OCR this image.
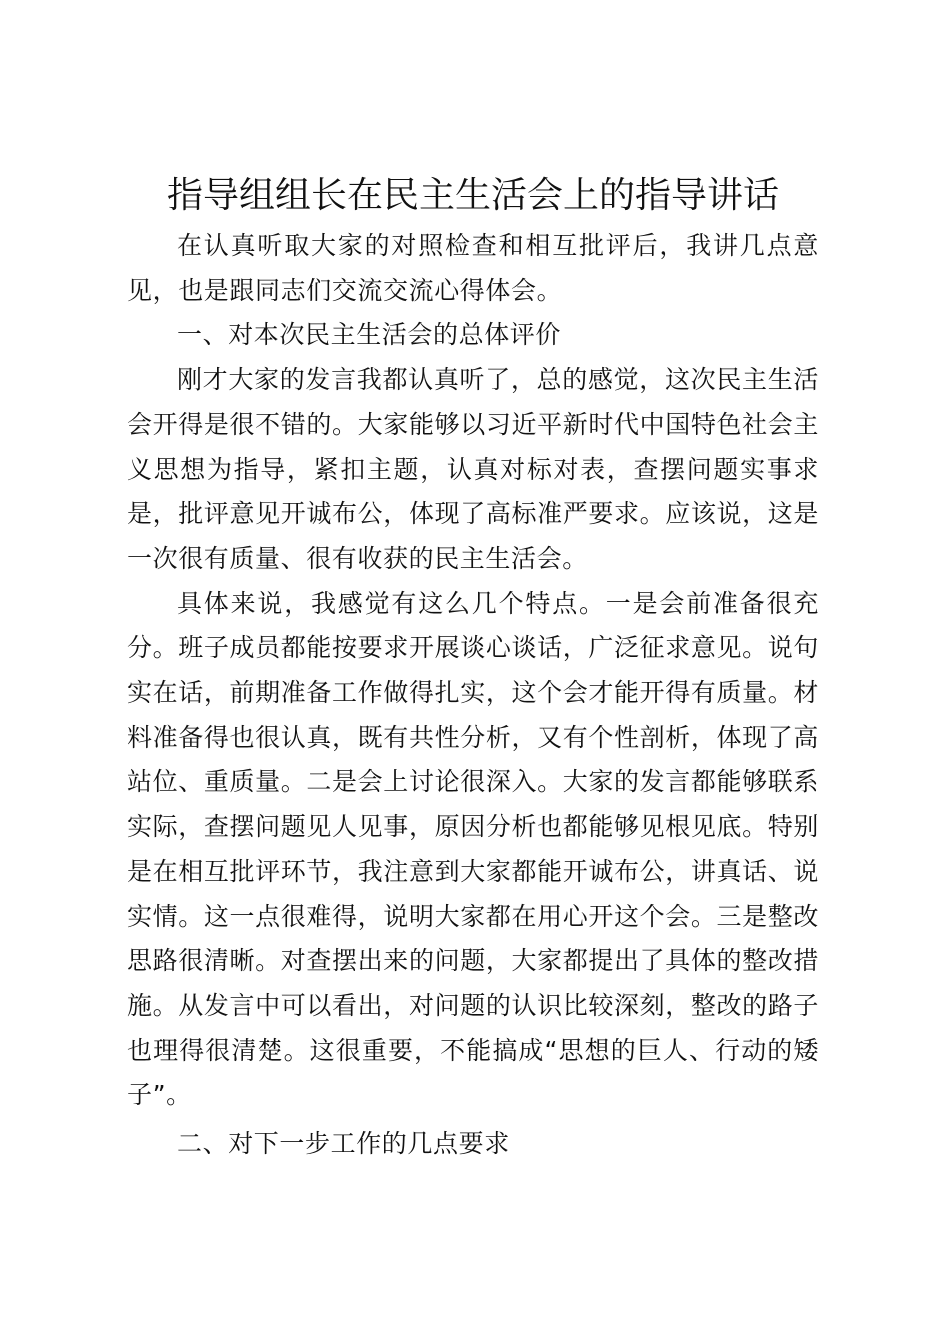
指导组组长在民主生活会上的指导讲话

在认真听取大家的对照检查和相互批评后，我讲几点意见，也是跟同志们交流交流心得体会。

一、对本次民主生活会的总体评价

刚才大家的发言我都认真听了，总的感觉，这次民主生活会开得是很不错的。大家能够以习近平新时代中国特色社会主义思想为指导，紧扣主题，认真对标对表，查摆问题实事求是，批评意见开诚布公，体现了高标准严要求。应该说，这是一次很有质量、很有收获的民主生活会。

具体来说，我感觉有这么几个特点。一是会前准备很充分。班子成员都能按要求开展谈心谈话，广泛征求意见。说句实在话，前期准备工作做得扎实，这个会才能开得有质量。材料准备得也很认真，既有共性分析，又有个性剖析，体现了高站位、重质量。二是会上讨论很深入。大家的发言都能够联系实际，查摆问题见人见事，原因分析也都能够见根见底。特别是在相互批评环节，我注意到大家都能开诚布公，讲真话、说实情。这一点很难得，说明大家都在用心开这个会。三是整改思路很清晰。对查摆出来的问题，大家都提出了具体的整改措施。从发言中可以看出，对问题的认识比较深刻，整改的路子也理得很清楚。这很重要，不能搞成“思想的巨人、行动的矮子”。

二、对下一步工作的几点要求
